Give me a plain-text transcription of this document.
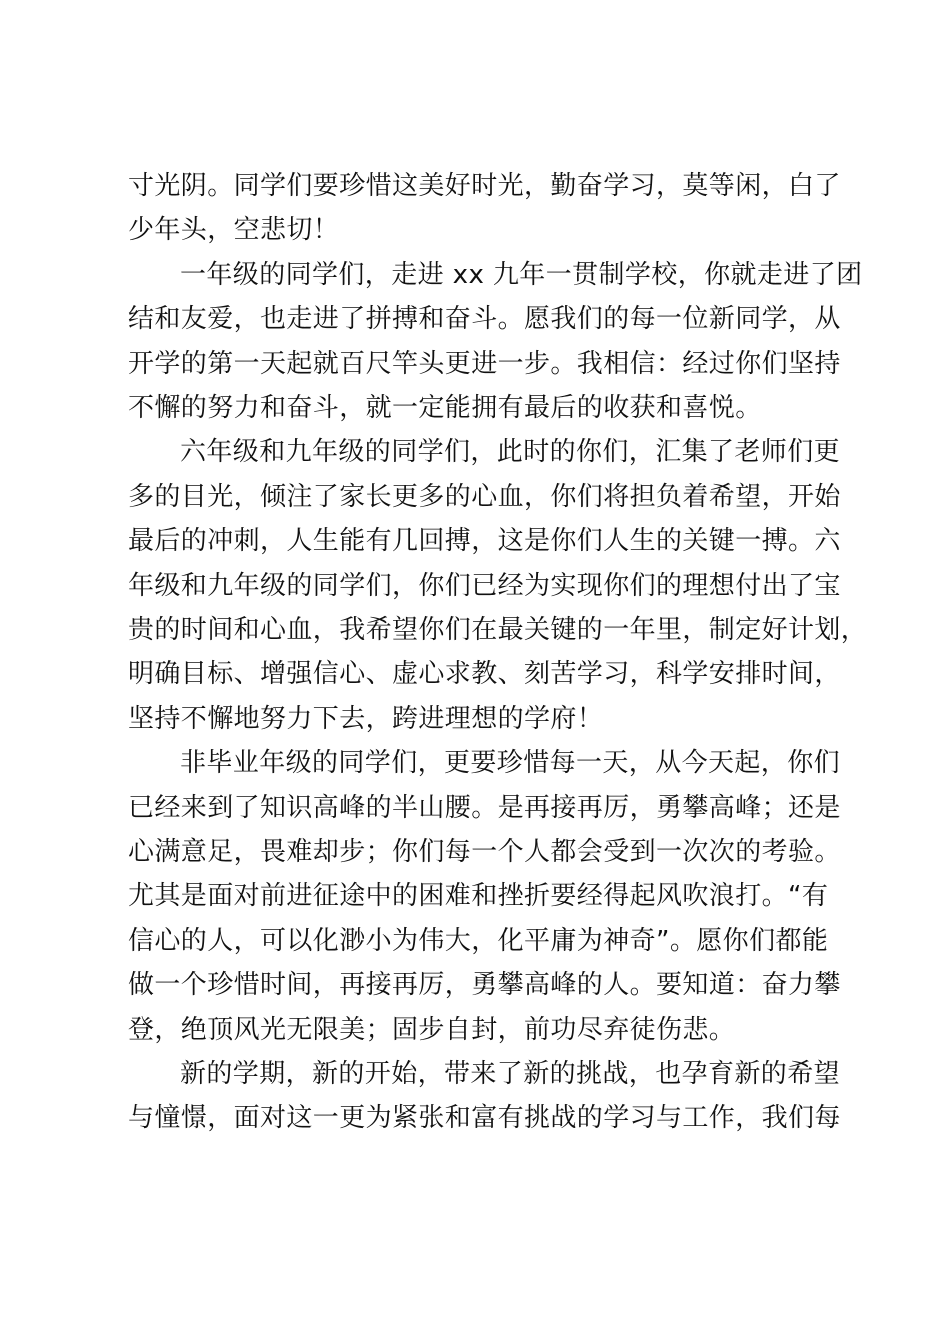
寸光阴。同学们要珍惜这美好时光，勤奋学习，莫等闲，白了
少年头，空悲切！
一年级的同学们，走进 xx 九年一贯制学校，你就走进了团
结和友爱，也走进了拼搏和奋斗。愿我们的每一位新同学，从
开学的第一天起就百尺竿头更进一步。我相信：经过你们坚持
不懈的努力和奋斗，就一定能拥有最后的收获和喜悦。
六年级和九年级的同学们，此时的你们，汇集了老师们更
多的目光，倾注了家长更多的心血，你们将担负着希望，开始
最后的冲刺，人生能有几回搏，这是你们人生的关键一搏。六
年级和九年级的同学们，你们已经为实现你们的理想付出了宝
贵的时间和心血，我希望你们在最关键的一年里，制定好计划，
明确目标、增强信心、虚心求教、刻苦学习，科学安排时间，
坚持不懈地努力下去，跨进理想的学府！
非毕业年级的同学们，更要珍惜每一天，从今天起，你们
已经来到了知识高峰的半山腰。是再接再厉，勇攀高峰；还是
心满意足，畏难却步；你们每一个人都会受到一次次的考验。
尤其是面对前进征途中的困难和挫折要经得起风吹浪打。“有
信心的人，可以化渺小为伟大，化平庸为神奇”。愿你们都能
做一个珍惜时间，再接再厉，勇攀高峰的人。要知道：奋力攀
登，绝顶风光无限美；固步自封，前功尽弃徒伤悲。
新的学期，新的开始，带来了新的挑战，也孕育新的希望
与憧憬，面对这一更为紧张和富有挑战的学习与工作，我们每
